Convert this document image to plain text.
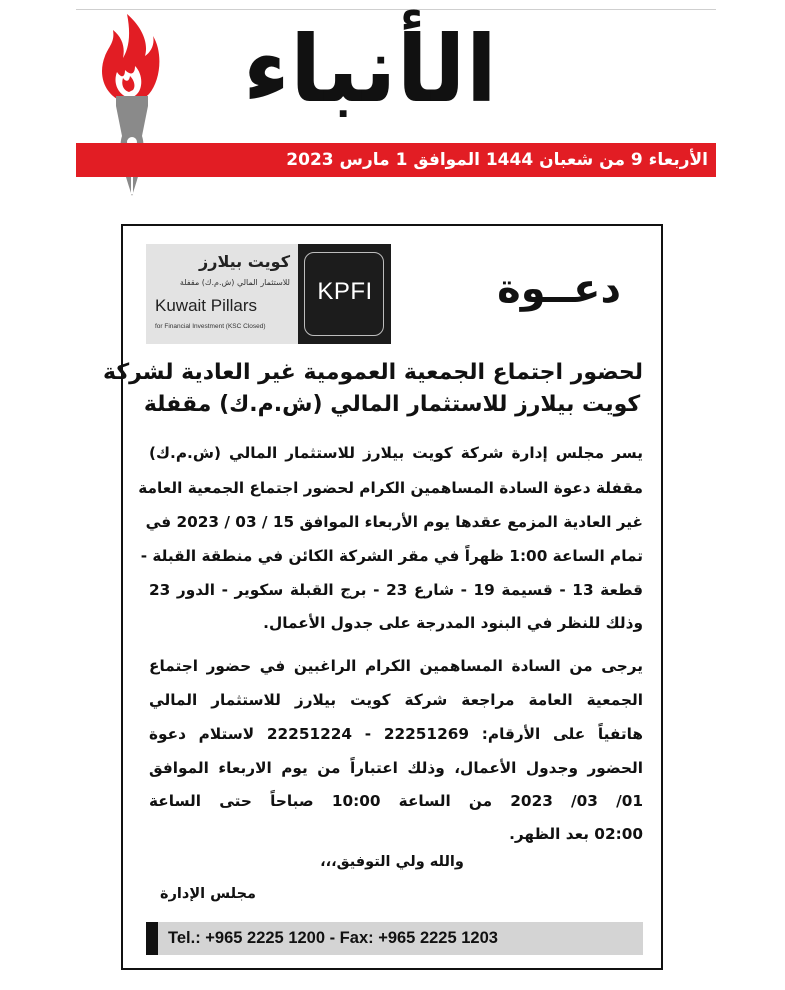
الأنباء
الأربعاء 9 من شعبان 1444 الموافق 1 مارس 2023
كويت بيلارز
للاستثمار المالي (ش.م.ك) مقفلة
Kuwait Pillars
for Financial Investment (KSC Closed)
KPFI	دعــوة
لحضور اجتماع الجمعية العمومية غير العادية لشركة
كويت بيلارز للاستثمار المالي (ش.م.ك) مقفلة
يسر مجلس إدارة شركة كويت بيلارز للاستثمار المالي (ش.م.ك)
مقفلة دعوة السادة المساهمين الكرام لحضور اجتماع الجمعية العامة
غير العادية المزمع عقدها يوم الأربعاء الموافق 15 / 03 / 2023 في
تمام الساعة 1:00 ظهراً في مقر الشركة الكائن في منطقة القبلة -
قطعة 13 - قسيمة 19 - شارع 23 - برج القبلة سكوير - الدور 23
وذلك للنظر في البنود المدرجة على جدول الأعمال.
يرجى من السادة المساهمين الكرام الراغبين في حضور اجتماع
الجمعية العامة مراجعة شركة كويت بيلارز للاستثمار المالي
هاتفياً على الأرقام: 22251269 - 22251224 لاستلام دعوة
الحضور وجدول الأعمال، وذلك اعتباراً من يوم الاربعاء الموافق
01/ 03/ 2023 من الساعة 10:00 صباحاً حتى الساعة
02:00 بعد الظهر.
والله ولي التوفيق،،،
مجلس الإدارة
Tel.: +965 2225 1200 - Fax: +965 2225 1203
